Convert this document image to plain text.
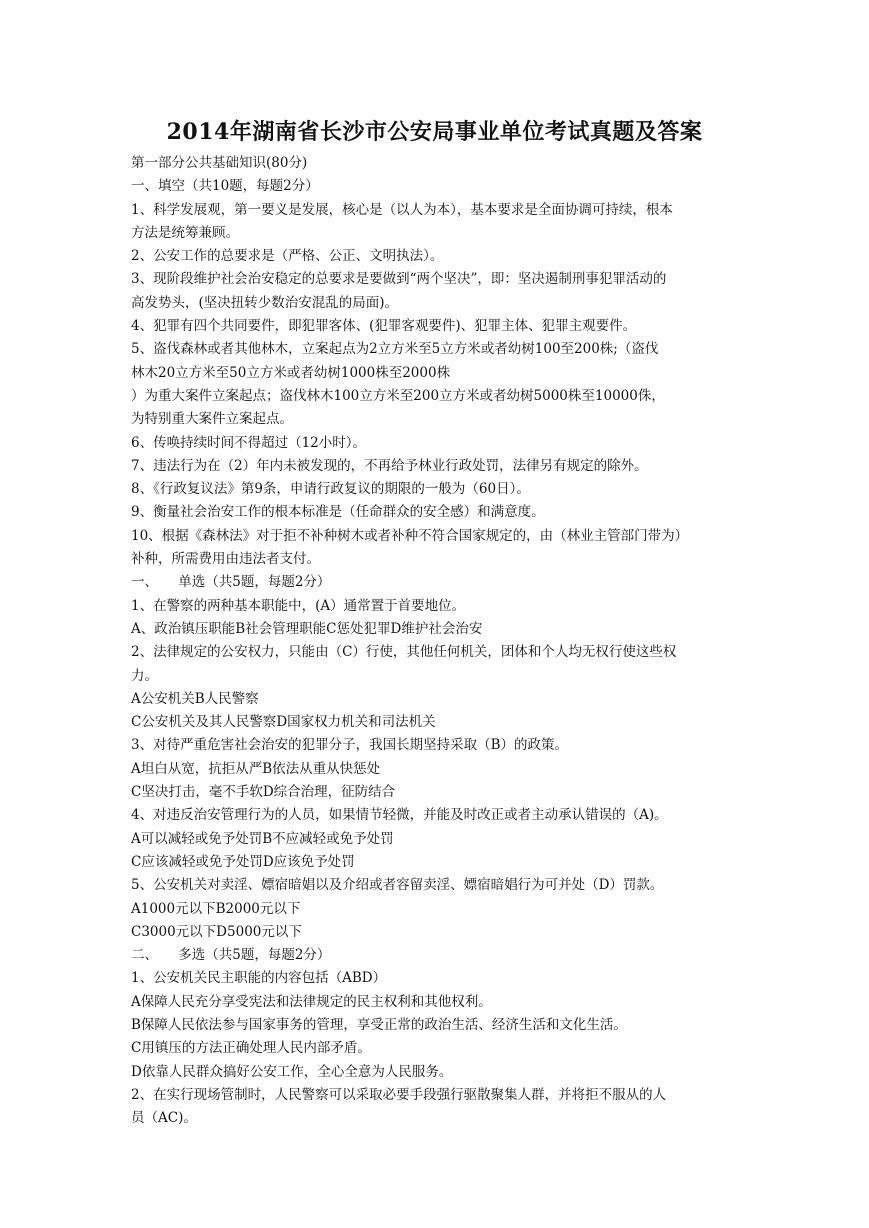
2014年湖南省长沙市公安局事业单位考试真题及答案
第一部分公共基础知识(80分)
一、填空（共10题，每题2分）
1、科学发展观，第一要义是发展，核心是（以人为本），基本要求是全面协调可持续，根本
方法是统筹兼顾。
2、公安工作的总要求是（严格、公正、文明执法）。
3、现阶段维护社会治安稳定的总要求是要做到“两个坚决”，即：坚决遏制刑事犯罪活动的
高发势头，(坚决扭转少数治安混乱的局面)。
4、犯罪有四个共同要件，即犯罪客体、(犯罪客观要件)、犯罪主体、犯罪主观要件。
5、盗伐森林或者其他林木，立案起点为2立方米至5立方米或者幼树100至200株;（盗伐
林木20立方米至50立方米或者幼树1000株至2000株
）为重大案件立案起点；盗伐林木100立方米至200立方米或者幼树5000株至10000侏，
为特别重大案件立案起点。
6、传唤持续时间不得超过（12小时）。
7、违法行为在（2）年内未被发现的，不再给予林业行政处罚，法律另有规定的除外。
8、《行政复议法》第9条，申请行政复议的期限的一般为（60日）。
9、衡量社会治安工作的根本标准是（任命群众的安全感）和满意度。
10、根据《森林法》对于拒不补种树木或者补种不符合国家规定的，由（林业主管部门带为）
补种，所需费用由违法者支付。
一、　　单选（共5题，每题2分）
1、在警察的两种基本职能中，(A）通常置于首要地位。
A、政治镇压职能B社会管理职能C惩处犯罪D维护社会治安
2、法律规定的公安权力，只能由（C）行使，其他任何机关，团体和个人均无权行使这些权
力。
A公安机关B人民警察
C公安机关及其人民警察D国家权力机关和司法机关
3、对待严重危害社会治安的犯罪分子，我国长期坚持采取（B）的政策。
A坦白从宽，抗拒从严B依法从重从快惩处
C坚决打击，毫不手软D综合治理，征防结合
4、对违反治安管理行为的人员，如果情节轻微，并能及时改正或者主动承认错误的（A)。
A可以减轻或免予处罚B不应减轻或免予处罚
C应该减轻或免予处罚D应该免予处罚
5、公安机关对卖淫、嫖宿暗娼以及介绍或者容留卖淫、嫖宿暗娼行为可并处（D）罚款。
A1000元以下B2000元以下
C3000元以下D5000元以下
二、　　多选（共5题，每题2分）
1、公安机关民主职能的内容包括（ABD）
A保障人民充分享受宪法和法律规定的民主权利和其他权利。
B保障人民依法参与国家事务的管理，享受正常的政治生活、经济生活和文化生活。
C用镇压的方法正确处理人民内部矛盾。
D依靠人民群众搞好公安工作，全心全意为人民服务。
2、在实行现场管制时，人民警察可以采取必要手段强行驱散聚集人群，并将拒不服从的人
员（AC)。
